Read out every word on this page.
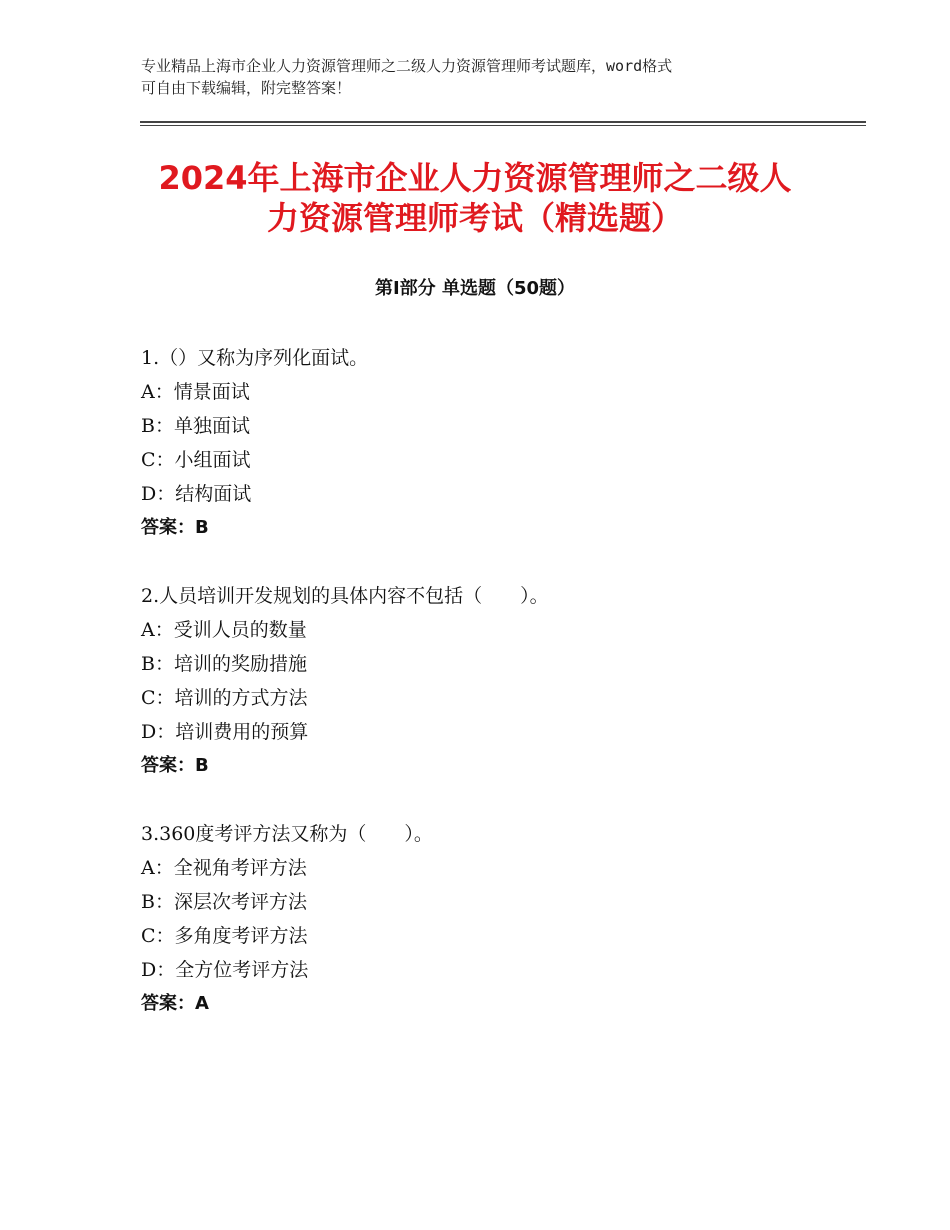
专业精品上海市企业人力资源管理师之二级人力资源管理师考试题库，word格式
可自由下载编辑，附完整答案！
2024年上海市企业人力资源管理师之二级人
力资源管理师考试（精选题）
第Ⅰ部分 单选题（50题）
1.（）又称为序列化面试。
A：情景面试
B：单独面试
C：小组面试
D：结构面试
答案：B
2.人员培训开发规划的具体内容不包括（　　）。
A：受训人员的数量
B：培训的奖励措施
C：培训的方式方法
D：培训费用的预算
答案：B
3.360度考评方法又称为（　　）。
A：全视角考评方法
B：深层次考评方法
C：多角度考评方法
D：全方位考评方法
答案：A
